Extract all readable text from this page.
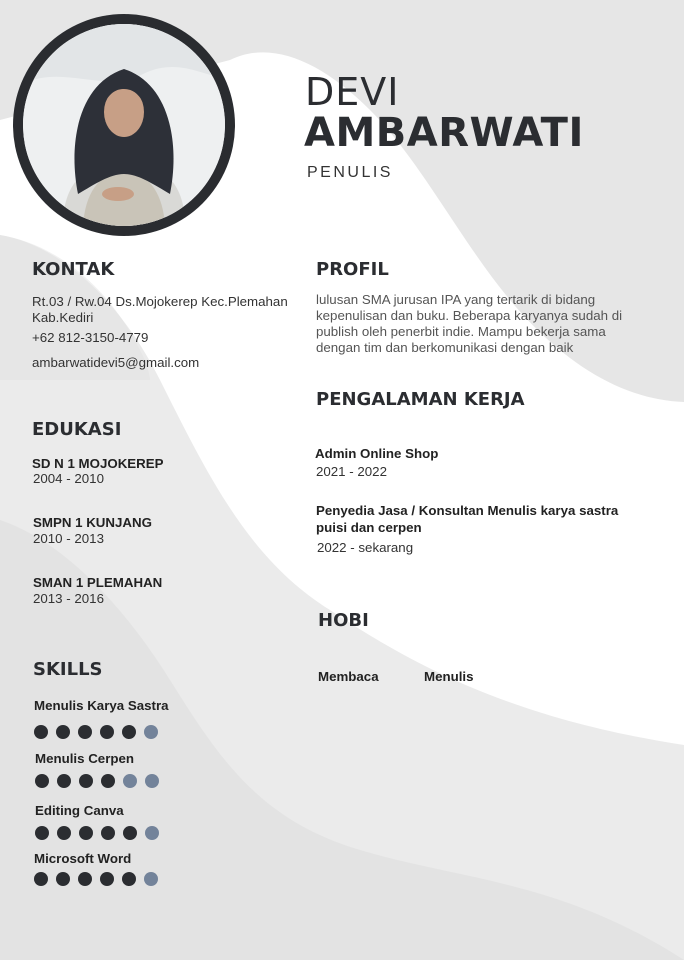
DEVI
AMBARWATI
PENULIS
KONTAK
Rt.03 / Rw.04 Ds.Mojokerep Kec.Plemahan Kab.Kediri
+62 812-3150-4779
ambarwatidevi5@gmail.com
PROFIL
lulusan SMA jurusan IPA yang tertarik di bidang kepenulisan dan buku. Beberapa karyanya sudah di publish oleh penerbit indie. Mampu bekerja sama dengan tim dan berkomunikasi dengan baik
PENGALAMAN KERJA
Admin Online Shop
2021 - 2022
Penyedia Jasa / Konsultan Menulis karya sastra puisi dan cerpen
2022 - sekarang
HOBI
Membaca	Menulis
EDUKASI
SD N 1 MOJOKEREP
2004 - 2010
SMPN 1 KUNJANG
2010 - 2013
SMAN 1 PLEMAHAN
2013 - 2016
SKILLS
Menulis Karya Sastra
Menulis Cerpen
Editing Canva
Microsoft Word
